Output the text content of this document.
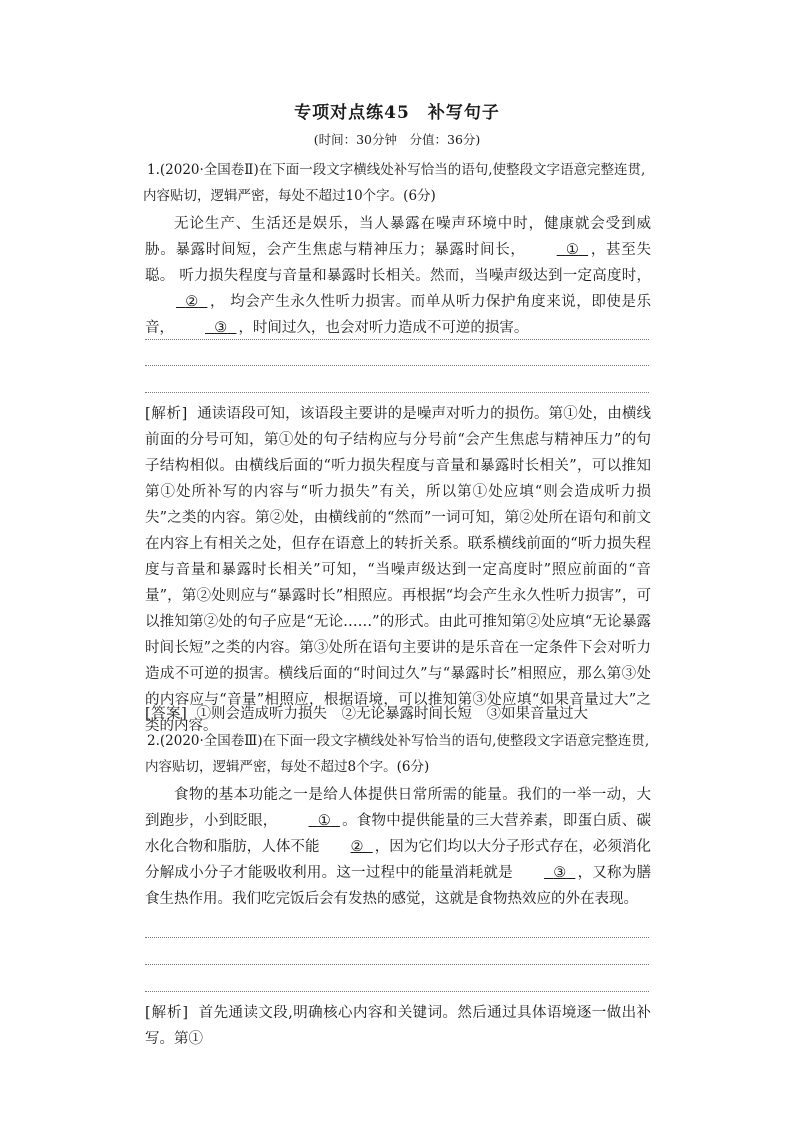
专项对点练45　补写句子
(时间：30分钟　分值：36分)

1.(2020·全国卷Ⅱ)在下面一段文字横线处补写恰当的语句,使整段文字语意完整连贯,
内容贴切，逻辑严密，每处不超过10个字。(6分)

无论生产、生活还是娱乐，当人暴露在噪声环境中时，健康就会受到威胁。暴露时间短，会产生焦虑与精神压力；暴露时间长，	① ，甚至失聪。 听力损失程度与音量和暴露时长相关。然而，当噪声级达到一定高度时，  ② ， 均会产生永久性听力损害。而单从听力保护角度来说，即使是乐音，	③ ，时间过久，也会对听力造成不可逆的损害。

[解析] 通读语段可知，该语段主要讲的是噪声对听力的损伤。第①处，由横线前面的分号可知，第①处的句子结构应与分号前“会产生焦虑与精神压力”的句子结构相似。由横线后面的“听力损失程度与音量和暴露时长相关”，可以推知第①处所补写的内容与“听力损失”有关，所以第①处应填“则会造成听力损失”之类的内容。第②处，由横线前的“然而”一词可知，第②处所在语句和前文在内容上有相关之处，但存在语意上的转折关系。联系横线前面的“听力损失程度与音量和暴露时长相关”可知，“当噪声级达到一定高度时”照应前面的“音量”，第②处则应与“暴露时长”相照应。再根据“均会产生永久性听力损害”，可以推知第②处的句子应是“无论……”的形式。由此可推知第②处应填“无论暴露时间长短”之类的内容。第③处所在语句主要讲的是乐音在一定条件下会对听力造成不可逆的损害。横线后面的“时间过久”与“暴露时长”相照应，那么第③处的内容应与“音量”相照应，根据语境，可以推知第③处应填“如果音量过大”之类的内容。

[答案] ①则会造成听力损失　②无论暴露时间长短　③如果音量过大

2.(2020·全国卷Ⅲ)在下面一段文字横线处补写恰当的语句,使整段文字语意完整连贯,
内容贴切，逻辑严密，每处不超过8个字。(6分)

食物的基本功能之一是给人体提供日常所需的能量。我们的一举一动，大到跑步，小到眨眼，	① 。食物中提供能量的三大营养素，即蛋白质、碳水化合物和脂肪，人体不能 ② ，因为它们均以大分子形式存在，必须消化分解成小分子才能吸收利用。这一过程中的能量消耗就是	③ ，又称为膳食生热作用。我们吃完饭后会有发热的感觉，这就是食物热效应的外在表现。

[解析] 首先通读文段,明确核心内容和关键词。然后通过具体语境逐一做出补写。第①
